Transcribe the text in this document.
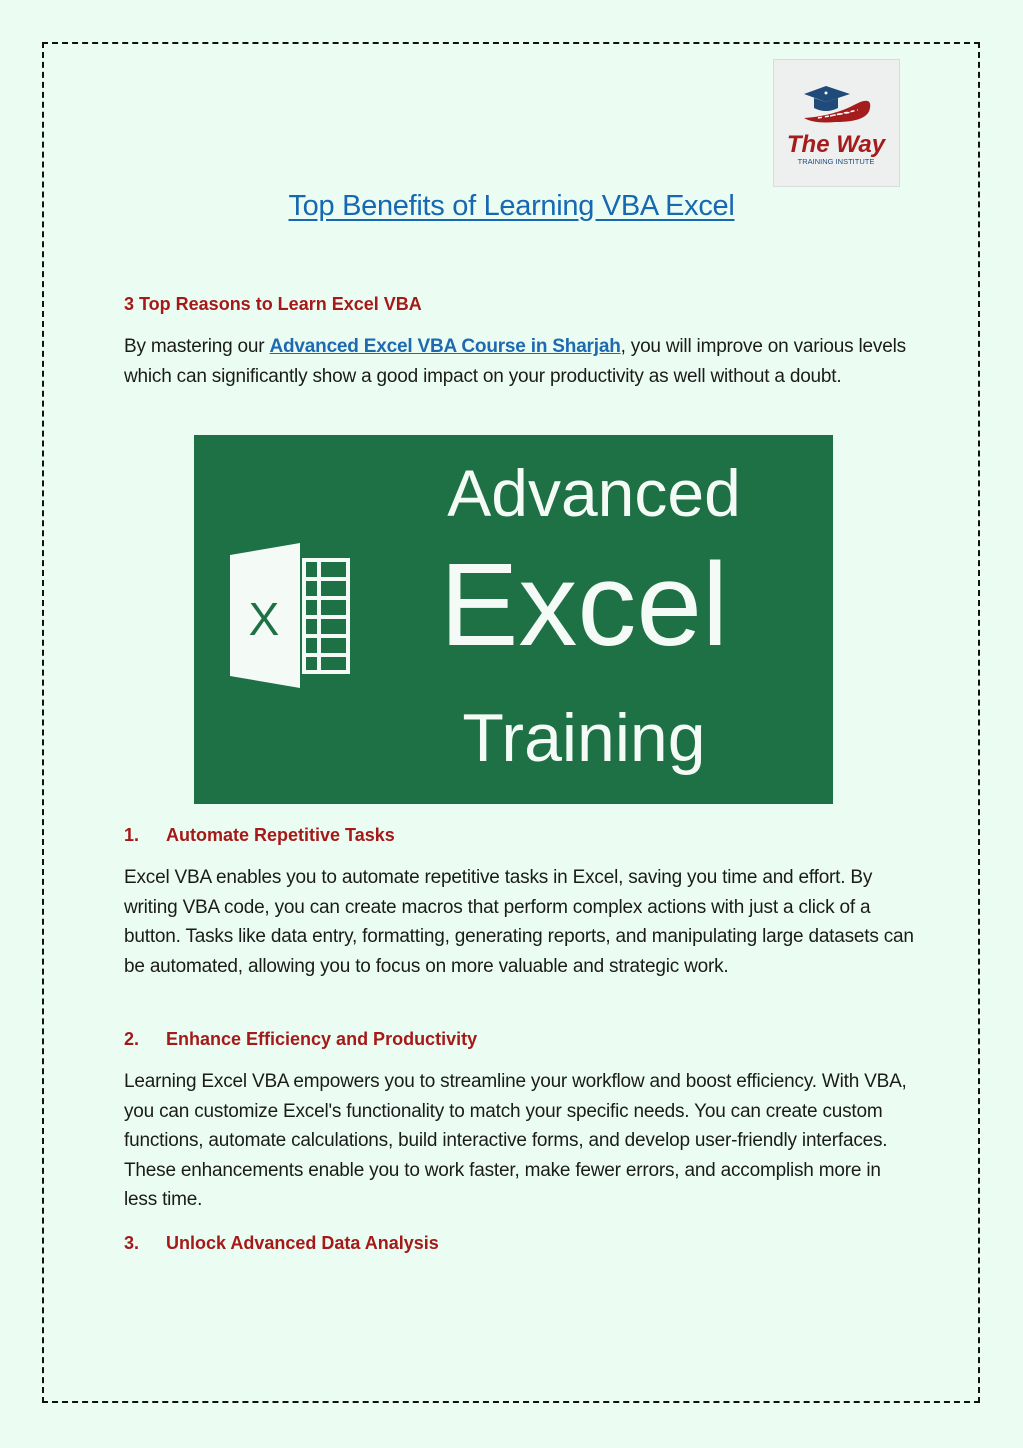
The Way
TRAINING INSTITUTE
Top Benefits of Learning VBA Excel
3 Top Reasons to Learn Excel VBA
By mastering our Advanced Excel VBA Course in Sharjah, you will improve on various levels which can significantly show a good impact on your productivity as well without a doubt.
X
Advanced
Excel
Training
1. Automate Repetitive Tasks
Excel VBA enables you to automate repetitive tasks in Excel, saving you time and effort. By writing VBA code, you can create macros that perform complex actions with just a click of a button. Tasks like data entry, formatting, generating reports, and manipulating large datasets can be automated, allowing you to focus on more valuable and strategic work.
2. Enhance Efficiency and Productivity
Learning Excel VBA empowers you to streamline your workflow and boost efficiency. With VBA, you can customize Excel's functionality to match your specific needs. You can create custom functions, automate calculations, build interactive forms, and develop user-friendly interfaces. These enhancements enable you to work faster, make fewer errors, and accomplish more in less time.
3. Unlock Advanced Data Analysis
